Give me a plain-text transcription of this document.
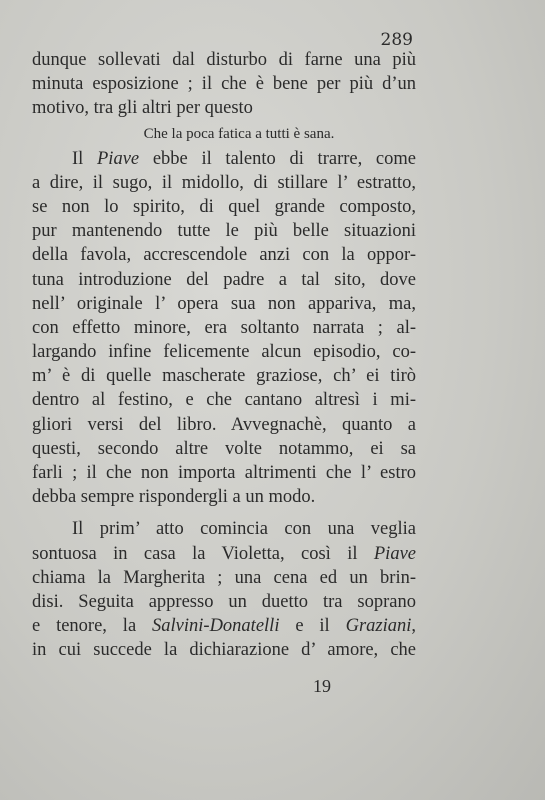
289
dunque sollevati dal disturbo di farne una più
minuta esposizione ; il che è bene per più d’un
motivo, tra gli altri per questo
Che la poca fatica a tutti è sana.
Il Piave ebbe il talento di trarre, come
a dire, il sugo, il midollo, di stillare l’ estratto,
se non lo spirito, di quel grande composto,
pur mantenendo tutte le più belle situazioni
della favola, accrescendole anzi con la oppor-
tuna introduzione del padre a tal sito, dove
nell’ originale l’ opera sua non appariva, ma,
con effetto minore, era soltanto narrata ; al-
largando infine felicemente alcun episodio, co-
m’ è di quelle mascherate graziose, ch’ ei tirò
dentro al festino, e che cantano altresì i mi-
gliori versi del libro. Avvegnachè, quanto a
questi, secondo altre volte notammo, ei sa
farli ; il che non importa altrimenti che l’ estro
debba sempre rispondergli a un modo.
Il prim’ atto comincia con una veglia
sontuosa in casa la Violetta, così il Piave
chiama la Margherita ; una cena ed un brin-
disi. Seguita appresso un duetto tra soprano
e tenore, la Salvini-Donatelli e il Graziani,
in cui succede la dichiarazione d’ amore, che
19
